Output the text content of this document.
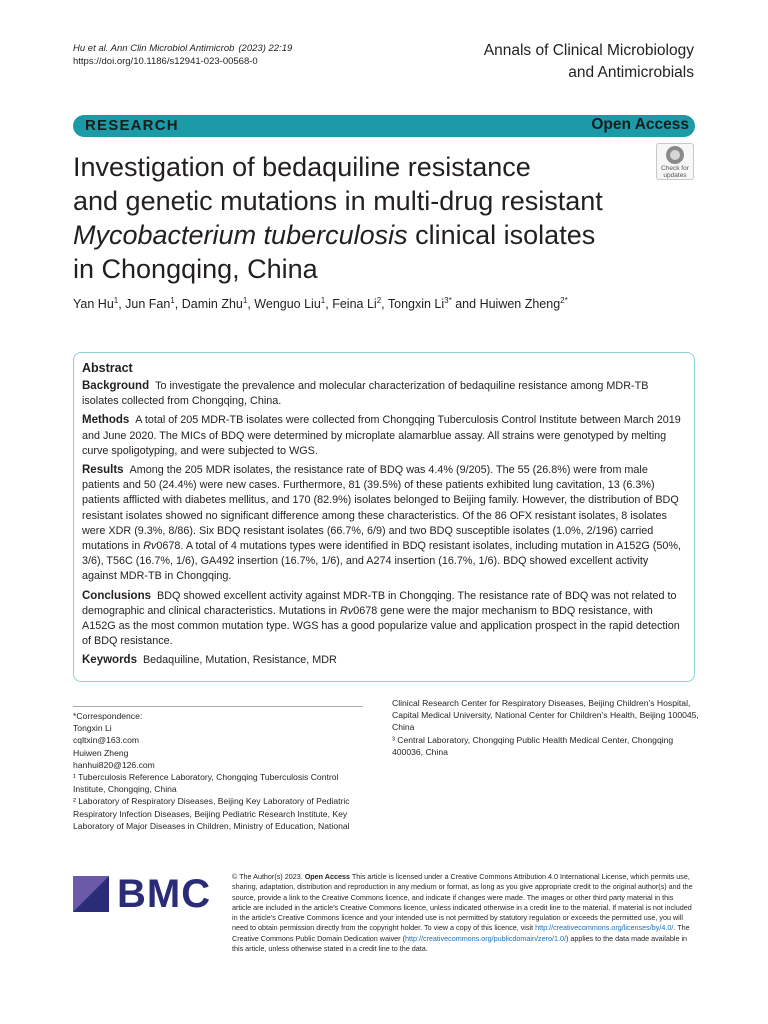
Hu et al. Ann Clin Microbiol Antimicrob (2023) 22:19
https://doi.org/10.1186/s12941-023-00568-0
Annals of Clinical Microbiology
and Antimicrobials
RESEARCH	Open Access
Check for
updates
Investigation of bedaquiline resistance
and genetic mutations in multi-drug resistant
Mycobacterium tuberculosis clinical isolates
in Chongqing, China
Yan Hu$^1$, Jun Fan$^1$, Damin Zhu$^1$, Wenguo Liu$^1$, Feina Li$^2$, Tongxin $Li^{3*}$ and Huiwen Zheng$^{2*}$
Abstract

Background To investigate the prevalence and molecular characterization of bedaquiline resistance among MDR-TB isolates collected from Chongqing, China.

Methods A total of 205 MDR-TB isolates were collected from Chongqing Tuberculosis Control Institute between March 2019 and June 2020. The MICs of BDQ were determined by microplate alamarblue assay. All strains were genotyped by melting curve spoligotyping, and were subjected to WGS.

Results Among the 205 MDR isolates, the resistance rate of BDQ was 4.4% (9/205). The 55 (26.8%) were from male patients and 50 (24.4%) were new cases. Furthermore, 81 (39.5%) of these patients exhibited lung cavitation, 13 (6.3%) patients afflicted with diabetes mellitus, and 170 (82.9%) isolates belonged to Beijing family. However, the distribution of BDQ resistant isolates showed no significant difference among these characteristics. Of the 86 OFX resistant isolates, 8 isolates were XDR (9.3%, 8/86). Six BDQ resistant isolates (66.7%, 6/9) and two BDQ susceptible isolates (1.0%, 2/196) carried mutations in Rv0678. A total of 4 mutations types were identified in BDQ resistant isolates, including mutation in A152G (50%, 3/6), T56C (16.7%, 1/6), GA492 insertion (16.7%, 1/6), and A274 insertion (16.7%, 1/6). BDQ showed excellent activity against MDR-TB in Chongqing.

Conclusions BDQ showed excellent activity against MDR-TB in Chongqing. The resistance rate of BDQ was not related to demographic and clinical characteristics. Mutations in Rv0678 gene were the major mechanism to BDQ resistance, with A152G as the most common mutation type. WGS has a good popularize value and application prospect in the rapid detection of BDQ resistance.

Keywords Bedaquiline, Mutation, Resistance, MDR

*Correspondence:
Tongxin Li
cqltxin@163.com
Huiwen Zheng
hanhui820@126.com
¹ Tuberculosis Reference Laboratory, Chongqing Tuberculosis Control Institute, Chongqing, China
² Laboratory of Respiratory Diseases, Beijing Key Laboratory of Pediatric Respiratory Infection Diseases, Beijing Pediatric Research Institute, Key Laboratory of Major Diseases in Children, Ministry of Education, National
Clinical Research Center for Respiratory Diseases, Beijing Children’s Hospital, Capital Medical University, National Center for Children’s Health, Beijing 100045, China
³ Central Laboratory, Chongqing Public Health Medical Center, Chongqing 400036, China
BMC	© The Author(s) 2023. Open Access This article is licensed under a Creative Commons Attribution 4.0 International License, which permits use, sharing, adaptation, distribution and reproduction in any medium or format, as long as you give appropriate credit to the original author(s) and the source, provide a link to the Creative Commons licence, and indicate if changes were made. The images or other third party material in this article are included in the article’s Creative Commons licence, unless indicated otherwise in a credit line to the material. If material is not included in the article’s Creative Commons licence and your intended use is not permitted by statutory regulation or exceeds the permitted use, you will need to obtain permission directly from the copyright holder. To view a copy of this licence, visit http://creativecommons.org/licenses/by/4.0/. The Creative Commons Public Domain Dedication waiver (http://creativecommons.org/publicdomain/zero/1.0/) applies to the data made available in this article, unless otherwise stated in a credit line to the data.
